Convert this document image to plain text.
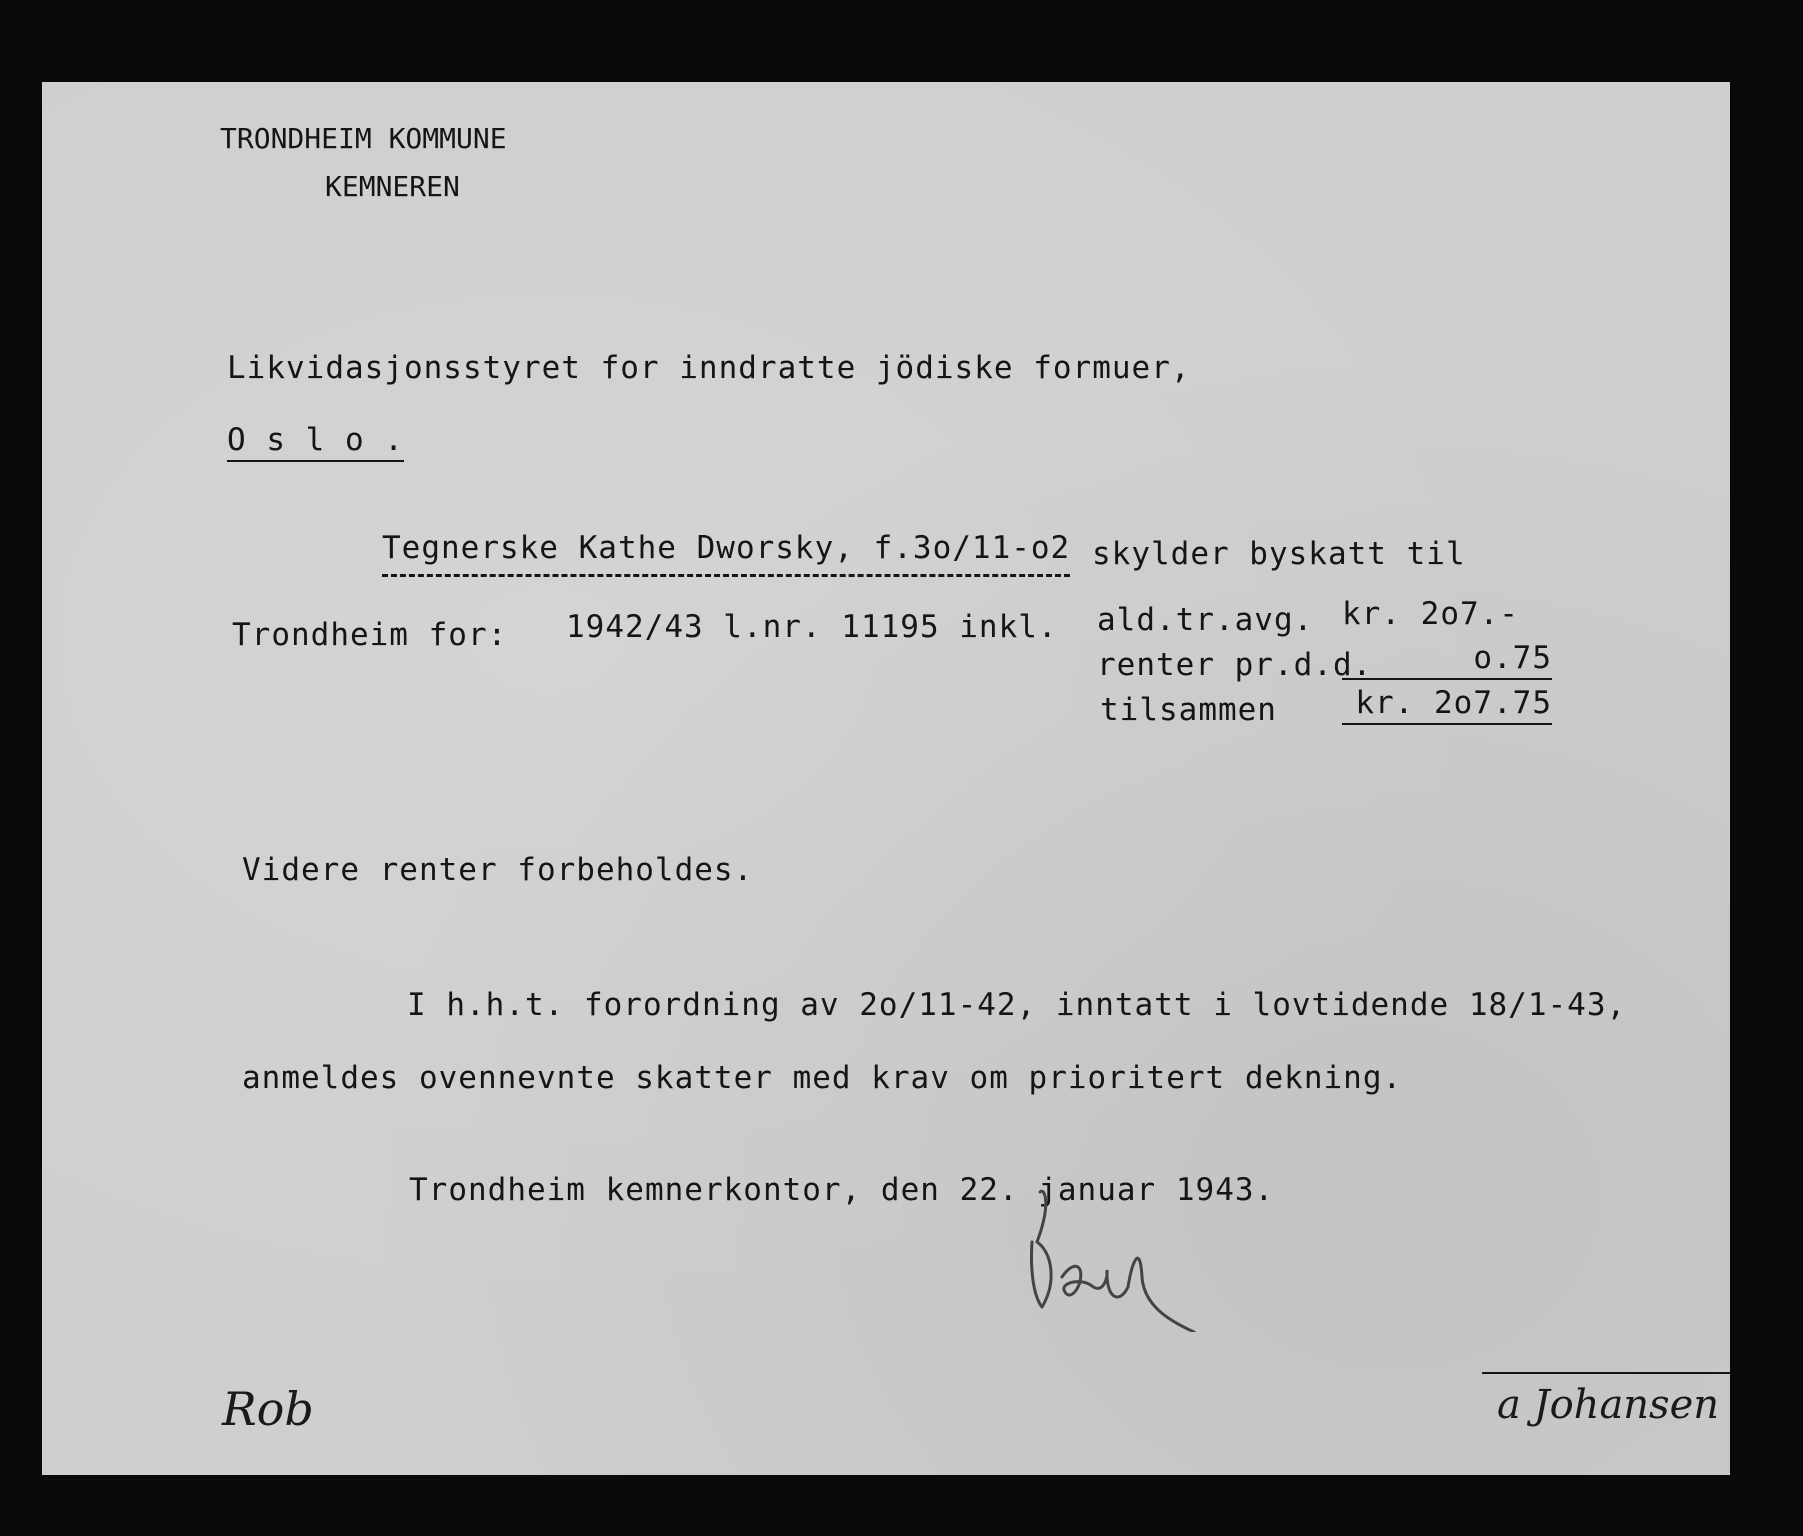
TRONDHEIM KOMMUNE
KEMNEREN
Likvidasjonsstyret for inndratte jödiske formuer,
O s l o .
Tegnerske Kathe Dworsky, f.3o/11-o2 skylder byskatt til
Trondheim for: 1942/43 l.nr. 11195 inkl. ald.tr.avg. kr. 2o7.-
renter pr.d.d.	o.75
tilsammen	kr. 2o7.75
Videre renter forbeholdes.
I h.h.t. forordning av 2o/11-42, inntatt i lovtidende 18/1-43,
anmeldes ovennevnte skatter med krav om prioritert dekning.
Trondheim kemnerkontor, den 22. januar 1943.
Rob	a Johansen
